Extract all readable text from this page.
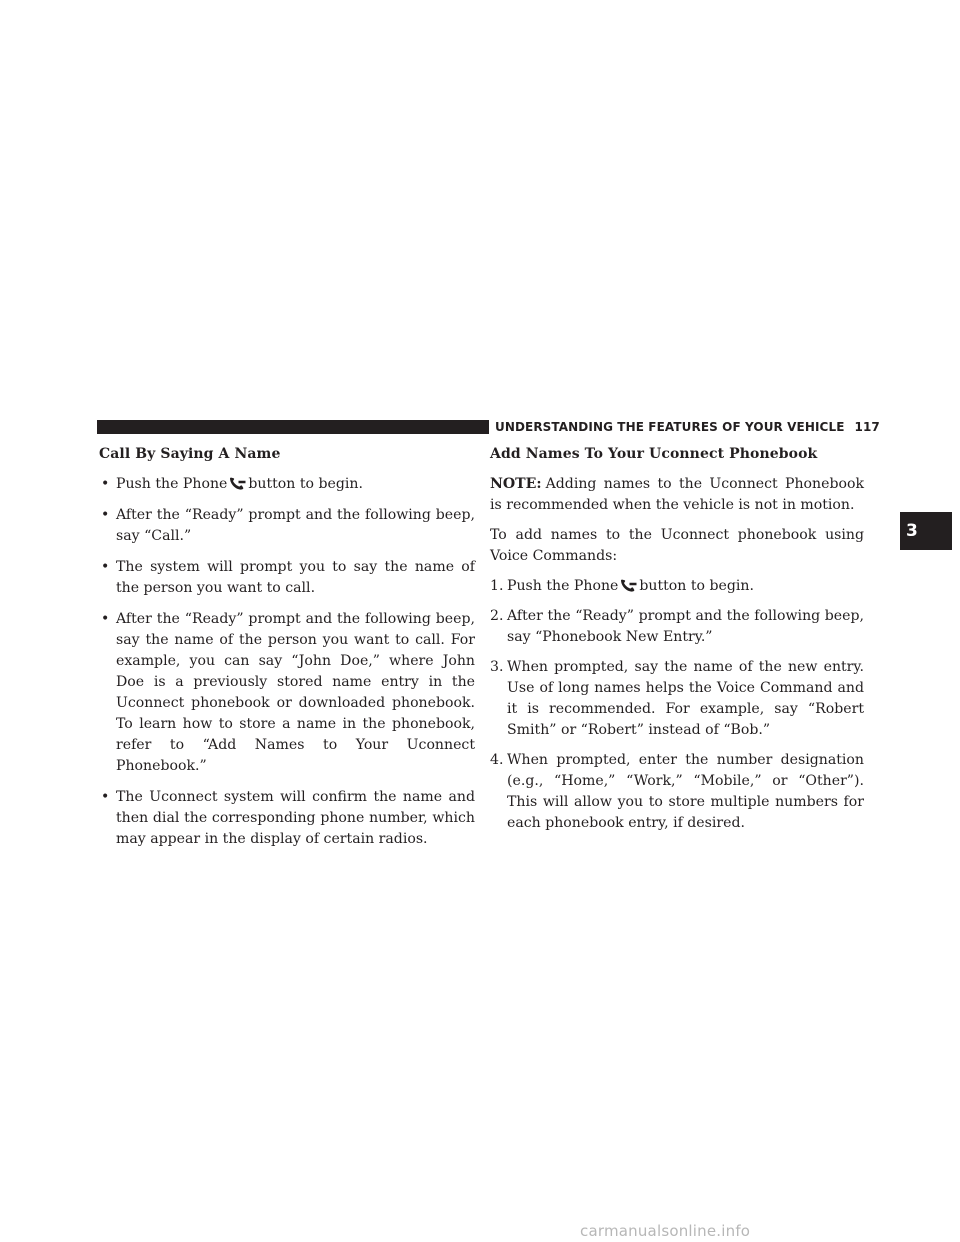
UNDERSTANDING THE FEATURES OF YOUR VEHICLE 117
3
Call By Saying A Name
• Push the Phone button to begin.
• After the “Ready” prompt and the following beep, say “Call.”
• The system will prompt you to say the name of the person you want to call.
• After the “Ready” prompt and the following beep, say the name of the person you want to call. For example, you can say “John Doe,” where John Doe is a previously stored name entry in the Uconnect phonebook or downloaded phonebook. To learn how to store a name in the phonebook, refer to “Add Names to Your Uconnect Phonebook.”
• The Uconnect system will confirm the name and then dial the corresponding phone number, which may appear in the display of certain radios.
Add Names To Your Uconnect Phonebook

NOTE: Adding names to the Uconnect Phonebook is recommended when the vehicle is not in motion.

To add names to the Uconnect phonebook using Voice Commands:

1. Push the Phone button to begin.
2. After the “Ready” prompt and the following beep, say “Phonebook New Entry.”
3. When prompted, say the name of the new entry. Use of long names helps the Voice Command and it is recommended. For example, say “Robert Smith” or “Robert” instead of “Bob.”
4. When prompted, enter the number designation (e.g., “Home,” “Work,” “Mobile,” or “Other”). This will allow you to store multiple numbers for each phonebook entry, if desired.
carmanualsonline.info
